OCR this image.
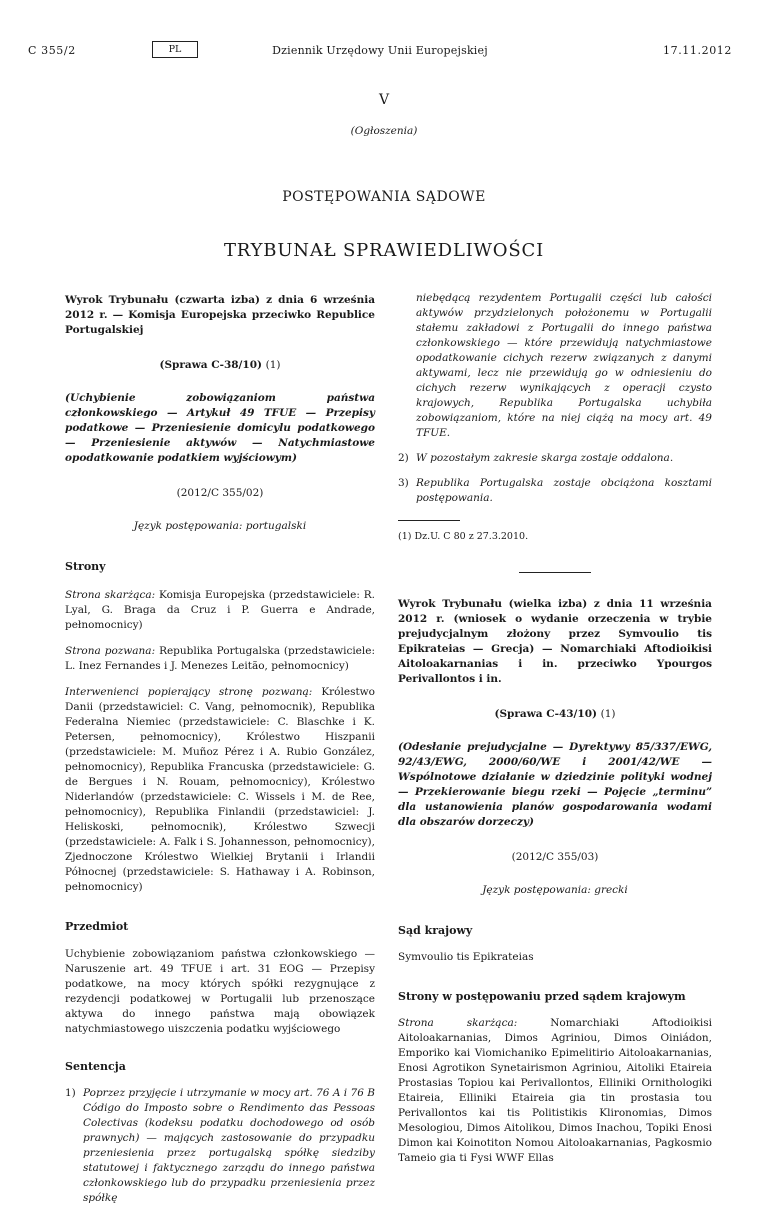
C 355/2	PL	Dziennik Urzędowy Unii Europejskiej	17.11.2012
V
(Ogłoszenia)
POSTĘPOWANIA SĄDOWE
TRYBUNAŁ SPRAWIEDLIWOŚCI

Wyrok Trybunału (czwarta izba) z dnia 6 września 2012 r. — Komisja Europejska przeciwko Republice Portugalskiej

(Sprawa C-38/10) (1)

(Uchybienie zobowiązaniom państwa członkowskiego — Artykuł 49 TFUE — Przepisy podatkowe — Przeniesienie domicylu podatkowego — Przeniesienie aktywów — Natychmiastowe opodatkowanie podatkiem wyjściowym)

(2012/C 355/02)

Język postępowania: portugalski

Strony

Strona skarżąca: Komisja Europejska (przedstawiciele: R. Lyal, G. Braga da Cruz i P. Guerra e Andrade, pełnomocnicy)

Strona pozwana: Republika Portugalska (przedstawiciele: L. Inez Fernandes i J. Menezes Leitão, pełnomocnicy)

Interwenienci popierający stronę pozwaną: Królestwo Danii (przedstawiciel: C. Vang, pełnomocnik), Republika Federalna Niemiec (przedstawiciele: C. Blaschke i K. Petersen, pełnomocnicy), Królestwo Hiszpanii (przedstawiciele: M. Muñoz Pérez i A. Rubio González, pełnomocnicy), Republika Francuska (przedstawiciele: G. de Bergues i N. Rouam, pełnomocnicy), Królestwo Niderlandów (przedstawiciele: C. Wissels i M. de Ree, pełnomocnicy), Republika Finlandii (przedstawiciel: J. Heliskoski, pełnomocnik), Królestwo Szwecji (przedstawiciele: A. Falk i S. Johannesson, pełnomocnicy), Zjednoczone Królestwo Wielkiej Brytanii i Irlandii Północnej (przedstawiciele: S. Hathaway i A. Robinson, pełnomocnicy)

Przedmiot

Uchybienie zobowiązaniom państwa członkowskiego — Naruszenie art. 49 TFUE i art. 31 EOG — Przepisy podatkowe, na mocy których spółki rezygnujące z rezydencji podatkowej w Portugalii lub przenoszące aktywa do innego państwa mają obowiązek natychmiastowego uiszczenia podatku wyjściowego

Sentencja

1) Poprzez przyjęcie i utrzymanie w mocy art. 76 A i 76 B Código do Imposto sobre o Rendimento das Pessoas Colectivas (kodeksu podatku dochodowego od osób prawnych) — mających zastosowanie do przypadku przeniesienia przez portugalską spółkę siedziby statutowej i faktycznego zarządu do innego państwa członkowskiego lub do przypadku przeniesienia przez spółkę

niebędącą rezydentem Portugalii części lub całości aktywów przydzielonych położonemu w Portugalii stałemu zakładowi z Portugalii do innego państwa członkowskiego — które przewidują natychmiastowe opodatkowanie cichych rezerw związanych z danymi aktywami, lecz nie przewidują go w odniesieniu do cichych rezerw wynikających z operacji czysto krajowych, Republika Portugalska uchybiła zobowiązaniom, które na niej ciążą na mocy art. 49 TFUE.

2) W pozostałym zakresie skarga zostaje oddalona.
3) Republika Portugalska zostaje obciążona kosztami postępowania.

(1) Dz.U. C 80 z 27.3.2010.

Wyrok Trybunału (wielka izba) z dnia 11 września 2012 r. (wniosek o wydanie orzeczenia w trybie prejudycjalnym złożony przez Symvoulio tis Epikrateias — Grecja) — Nomarchiaki Aftodioikisi Aitoloakarnanias i in. przeciwko Ypourgos Perivallontos i in.

(Sprawa C-43/10) (1)

(Odesłanie prejudycjalne — Dyrektywy 85/337/EWG, 92/43/EWG, 2000/60/WE i 2001/42/WE — Wspólnotowe działanie w dziedzinie polityki wodnej — Przekierowanie biegu rzeki — Pojęcie „terminu” dla ustanowienia planów gospodarowania wodami dla obszarów dorzeczy)

(2012/C 355/03)

Język postępowania: grecki

Sąd krajowy

Symvoulio tis Epikrateias

Strony w postępowaniu przed sądem krajowym

Strona skarżąca:	Nomarchiaki Aftodioikisi Aitoloakarnanias, Dimos Agriniou, Dimos Oiniádon, Emporiko kai Viomichaniko Epimelitirio Aitoloakarnanias, Enosi Agrotikon Synetairismon Agriniou, Aitoliki Etaireia Prostasias Topiou kai Perivallontos, Elliniki Ornithologiki Etaireia, Elliniki Etaireia gia tin prostasia tou Perivallontos kai tis Politistikis Klironomias, Dimos Mesologiou, Dimos Aitolikou, Dimos Inachou, Topiki Enosi Dimon kai Koinotiton Nomou Aitoloakarnanias, Pagkosmio Tameio gia ti Fysi WWF Ellas
